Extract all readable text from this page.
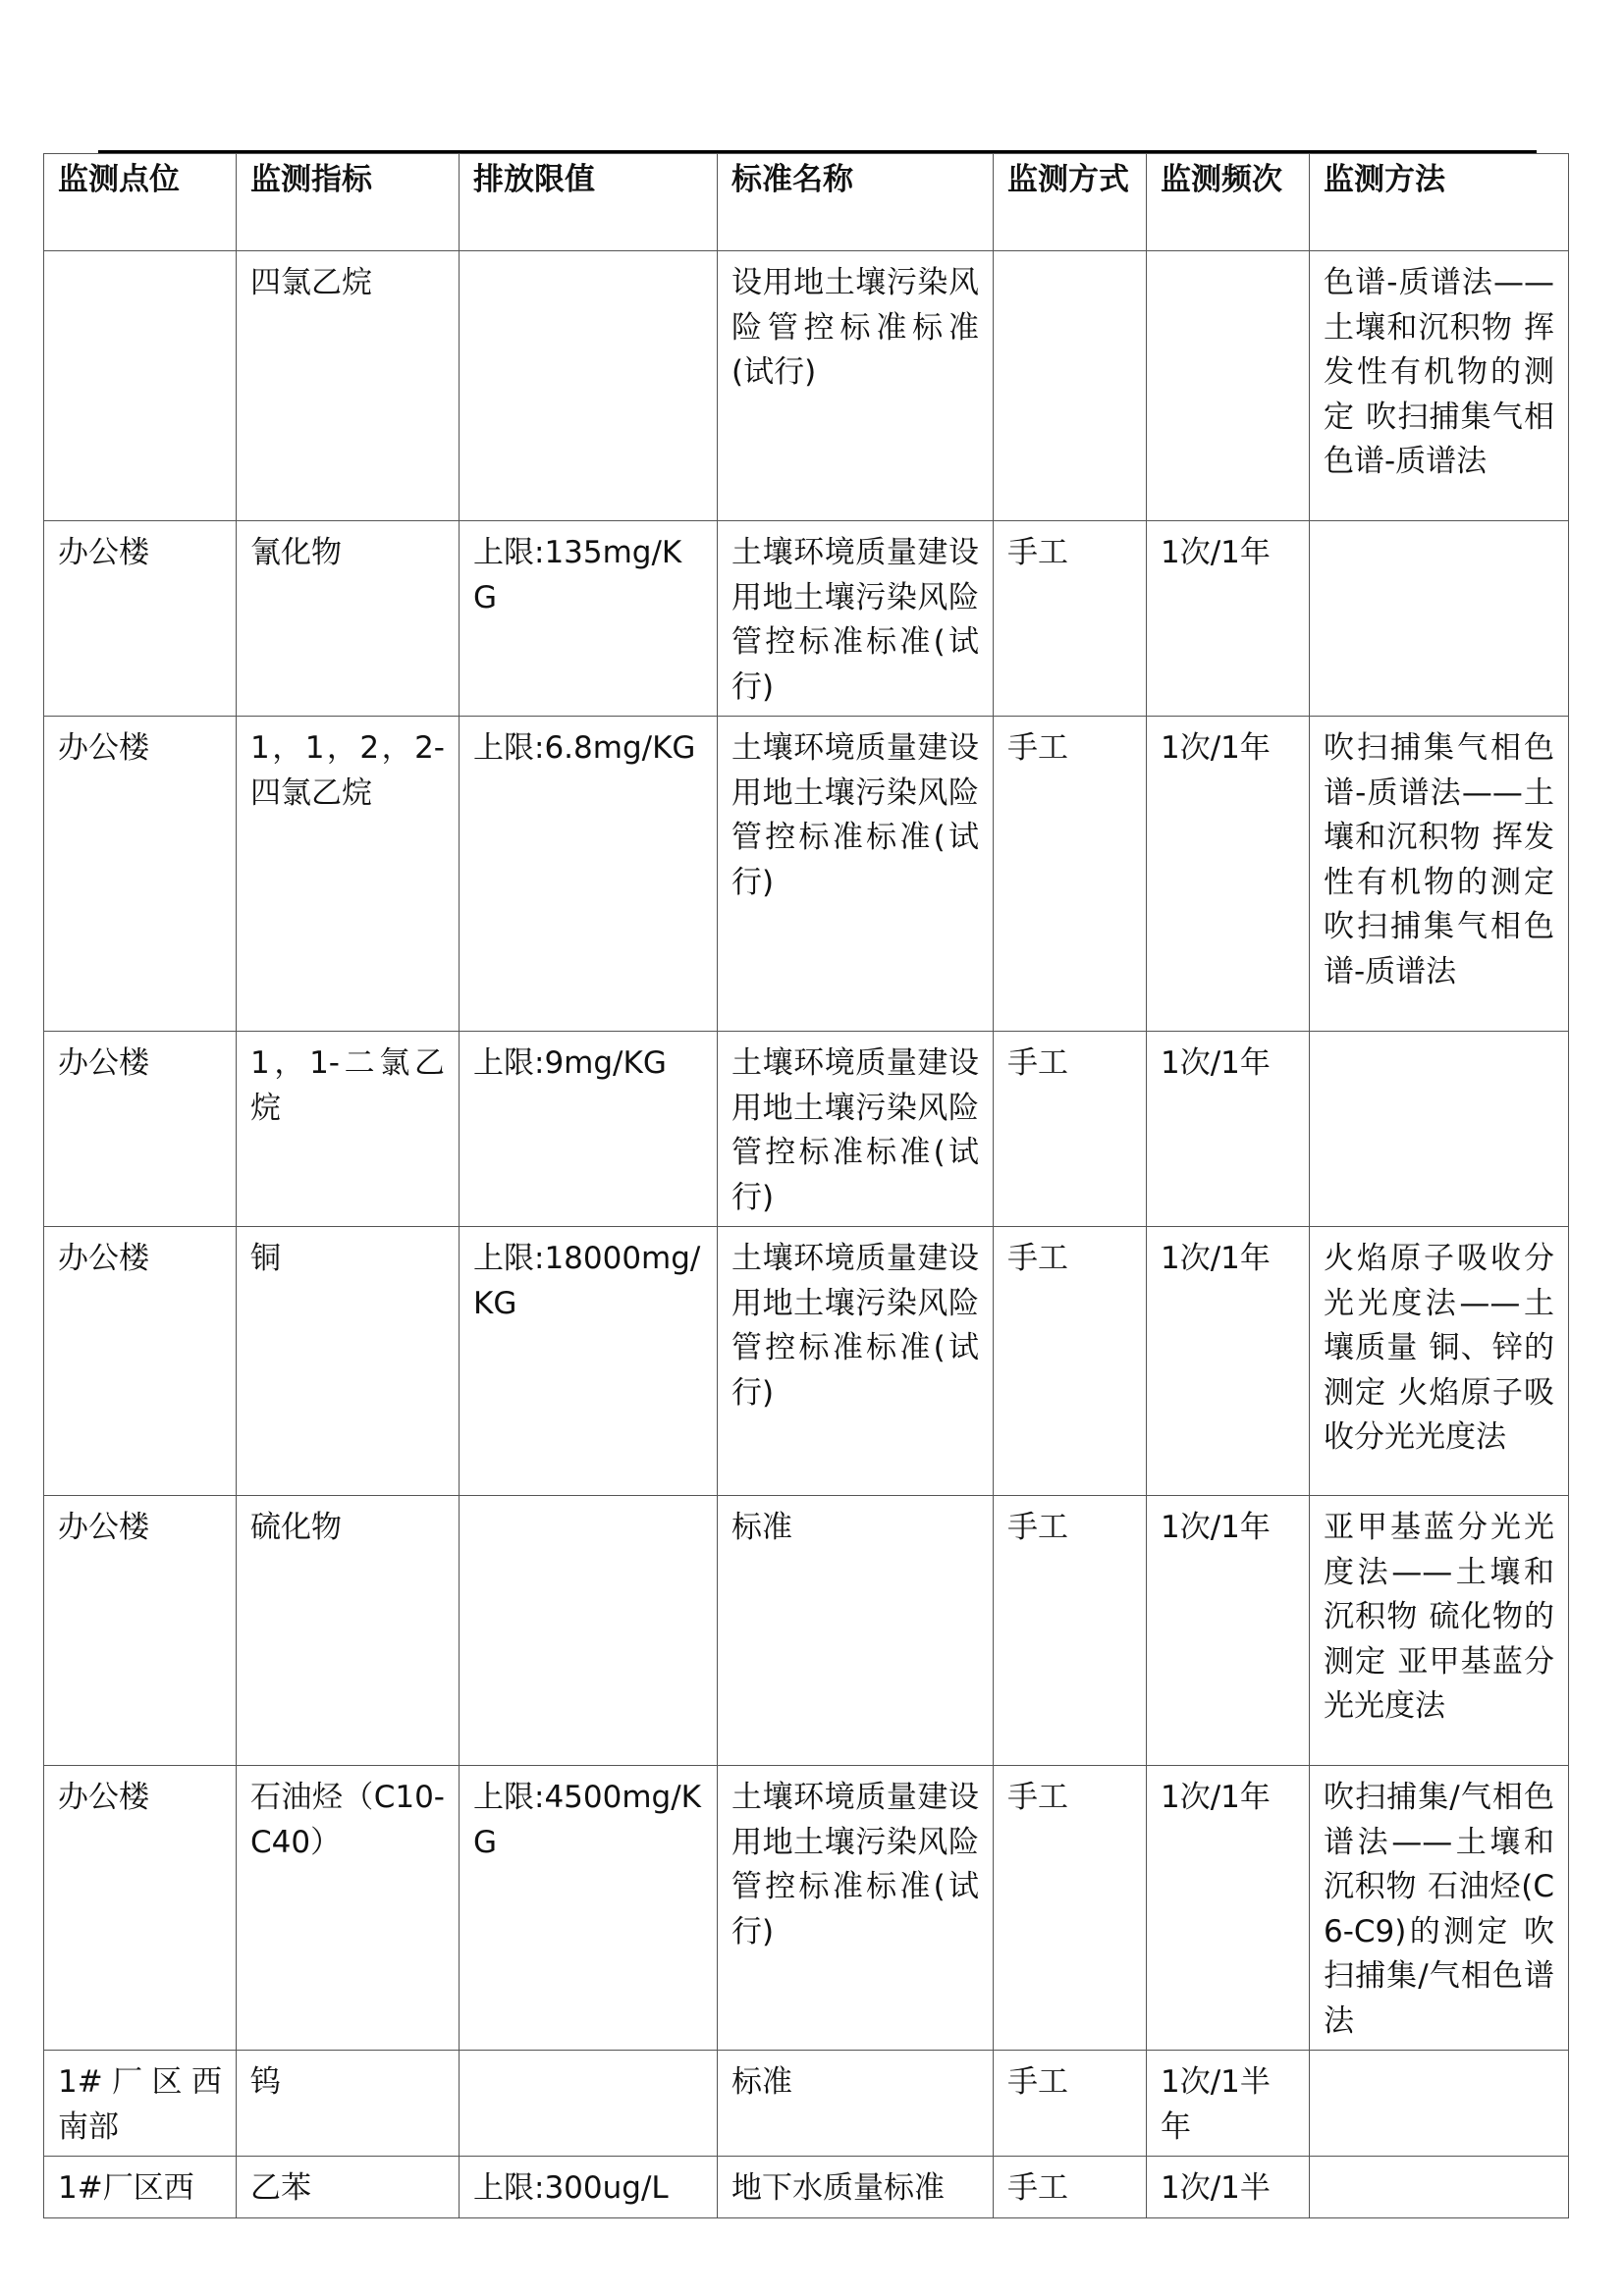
监测点位	监测指标	排放限值	标准名称	监测方式	监测频次	监测方法
	四氯乙烷		设用地土壤污染风险管控标准标准(试行)			色谱-质谱法——土壤和沉积物 挥发性有机物的测定 吹扫捕集气相色谱-质谱法
办公楼	氰化物	上限:135mg/KG	土壤环境质量建设用地土壤污染风险管控标准标准(试行)	手工	1次/1年	
办公楼	1，1，2，2-四氯乙烷	上限:6.8mg/KG	土壤环境质量建设用地土壤污染风险管控标准标准(试行)	手工	1次/1年	吹扫捕集气相色谱-质谱法——土壤和沉积物 挥发性有机物的测定 吹扫捕集气相色谱-质谱法
办公楼	1，1-二氯乙烷	上限:9mg/KG	土壤环境质量建设用地土壤污染风险管控标准标准(试行)	手工	1次/1年	
办公楼	铜	上限:18000mg/KG	土壤环境质量建设用地土壤污染风险管控标准标准(试行)	手工	1次/1年	火焰原子吸收分光光度法——土壤质量 铜、锌的测定 火焰原子吸收分光光度法
办公楼	硫化物		标准	手工	1次/1年	亚甲基蓝分光光度法——土壤和沉积物 硫化物的测定 亚甲基蓝分光光度法
办公楼	石油烃（C10-C40）	上限:4500mg/KG	土壤环境质量建设用地土壤污染风险管控标准标准(试行)	手工	1次/1年	吹扫捕集/气相色谱法——土壤和沉积物 石油烃(C6-C9)的测定 吹扫捕集/气相色谱法
1#厂区西南部	钨		标准	手工	1次/1半年	
1#厂区西	乙苯	上限:300ug/L	地下水质量标准	手工	1次/1半	
